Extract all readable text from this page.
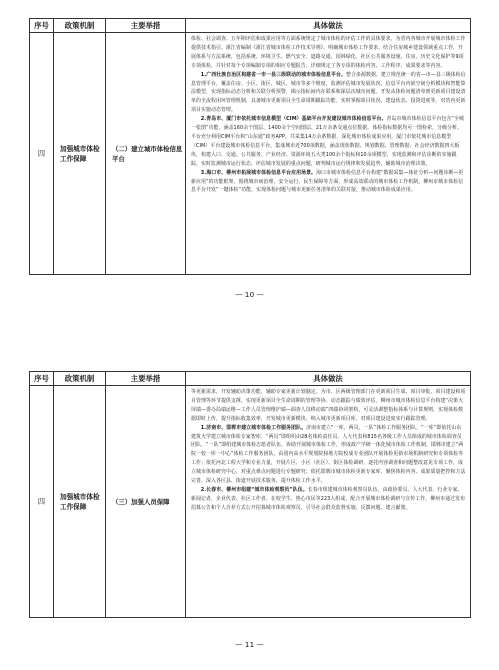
序号	政策机制	主要举措	具体做法
四	加强城市体检工作保障	（二）建立城市体检信息平台	体检、社会调查、五年期评估和成果应用等方面系统规定了城市体检的评估工作的具体要求，为省内各城市开展城市体检工作提供技术指引。浙江省编制《浙江省城市体检工作技术导则》，明确城市体检工作要求，结合住房城乡建设领域重点工作，开展体系与方法系统，包括系统、环境卫生、燃气安全、道路交通、园林绿化、社区公共服务设施、住房、历史文化保护等9项专项体检，并针对每个专项编制专项的相应专题报告，详细规定了各专项的体检内容、工作程序、成果要求等内容。

1.广西壮族自治区构建省一市一县三级联动的城市体检信息平台。整合多源数据，建立规范统一的省—市—县三级体检信息管理平台，覆盖住房、小区、街区、城区、城市等多个维度，监测评估城市发展状况，信息平台内嵌空间分析模块和智能算法模型，实现指标动态分析和关联分析预警，揭示指标间内在联系和深层次城市问题。开发从体检问题清单到更新项目建设清单的全流程闭环管理机制，具备城市更新项目全生命周期跟踪功能，实时掌握项目状况、建设状态、投资进度等，对省内更新项目实施动态管理。

2.青岛市、厦门市依托城市信息模型（CIM）基础平台开发建设城市体检信息平台。青岛市城市体检信息平台包含“全城一张图”功能，涵盖160余个图层、1400余个空间图层、21万余条交通点位数据，体检指标数据均可一图检索，分级分析。平台充分利用CIM平台和“山东通”政务APP，共采集14万余条数据，深化城市体检成果应用。厦门市依托城市信息模型（CIM）平台建设城市体检信息平台，集成城市近700项数据，涵盖现状数据、规划数据、管理数据、社会经济数据四大板块，构建人口、交通、公共服务、产业经济、资源环境五大类100余个指标和10余项模型，实现监测和评估诊断的实施跟踪，实时监测城市运行状态，评估城市发展的重点问题，研判城市运行规律和发展趋势，辅助城市治理决策。

3.海口市、柳州市拓展城市体检信息平台应用场景。海口市城市体检信息平台构建“数据采集—体征分析—问题诊断—更新应用”的功能框架，围绕城市病治理、安全运行、民生保障等方面，形成高效联动的城市体检工作机制。柳州市城市体检信息平台开发“一键体检”功能，实现体检问题与城市更新任务清单的关联对接，推动城市体检成果应用。

— 10 —
序号	政策机制	主要举措	具体做法
四	加强城市体检工作保障	（三）加强人员保障	等更新需求，开发辅助决策功能，辅助专家更新计划制定。为市、区两级管理部门在更新项目生成、项目审批、项目建设和项目管理等环节提供支撑。实现更新项目全生命周期的管理等协、动态跟踪与绩效评估。柳州市城市体检信息平台构建“决策大屏端—委办局端运维—工作人员管理维护端—调查人员移动端”四端协同架构，可灵活调整指标体系与计算规则，实现体检数据即时上传，提升指标收集效率，开发城市更新模块，纳入城市更新项目库，对项目建设进度实行跟踪管理。

1.济南市、邯郸市建立城市体检工作服务团队。济南市建立“一库、两员、一队”体检工作服务团队，“一库”即依托山东建筑大学建立城市体检专家智库，“两员”即组织由28名体检责任员、人大代表和815名各级工作人员组成的城市体检调查员团队，“一队”即组建城市体检志愿者队伍，协助开展城市体检工作，形成政产学研一体化城市体检工作机制。邯郸市建立“两院一校一库一中心”体检工作服务团队，由国内高水平规划院和地方院校成专业团队开展体检更新市场机制研究和专项体检等工作；依托河北工程大学和专业力量，开展片区、小区（社区）、街区体检调研，逐托内容调查和问题整改意见专项工作，成立城市体检研究中心，对重点难点问题进行专题研究；依托邯郸市城市体检更新专家库，聚焦体检内容、成果质量把控和方法完善，深入各区县、街道开展技术服务，提升体检工作水平。

2.长春市、柳州市组建“城市体检观察员”队伍。长春市组建城市体检观察员队伍，由政协委员、人大代表、行业专家、新闻记者、企业代表、社区工作者、在校学生、热心市民等223人组成，配合开展城市体检调研与宣传工作。柳州市通过发布招募公告和个人自荐方式公开招募城市体检观察员，引导社会群众监督实施、反馈问题、建言献策。

— 11 —
